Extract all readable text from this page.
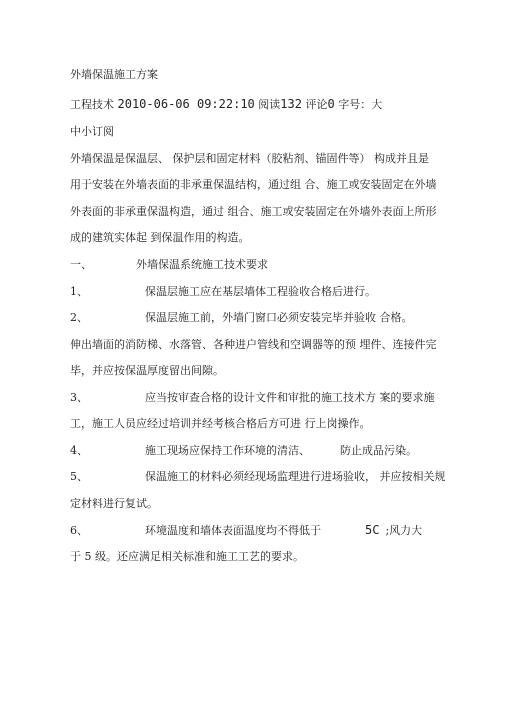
外墙保温施工方案
工程技术 2010-06-06 09:22:10 阅读132 评论0 字号：大
中小订阅
外墙保温是保温层、 保护层和固定材料（胶粘剂、锚固件等） 构成并且是
用于安装在外墙表面的非承重保温结构，通过组 合、施工或安装固定在外墙
外表面的非承重保温构造，通过 组合、施工或安装固定在外墙外表面上所形
成的建筑实体起 到保温作用的构造。
一、	外墙保温系统施工技术要求
1、	保温层施工应在基层墙体工程验收合格后进行。
2、	保温层施工前，外墙门窗口必须安装完毕并验收 合格。
伸出墙面的消防梯、水落管、各种进户管线和空调器等的预 埋件、连接件完
毕，并应按保温厚度留出间隙。
3、	应当按审查合格的设计文件和审批的施工技术方 案的要求施
工，施工人员应经过培训并经考核合格后方可进 行上岗操作。
4、	施工现场应保持工作环境的清洁、	防止成品污染。
5、	保温施工的材料必须经现场监理进行进场验收， 并应按相关规
定材料进行复试。
6、	环境温度和墙体表面温度均不得低于	5C ;风力大
于 5 级。还应满足相关标准和施工工艺的要求。
